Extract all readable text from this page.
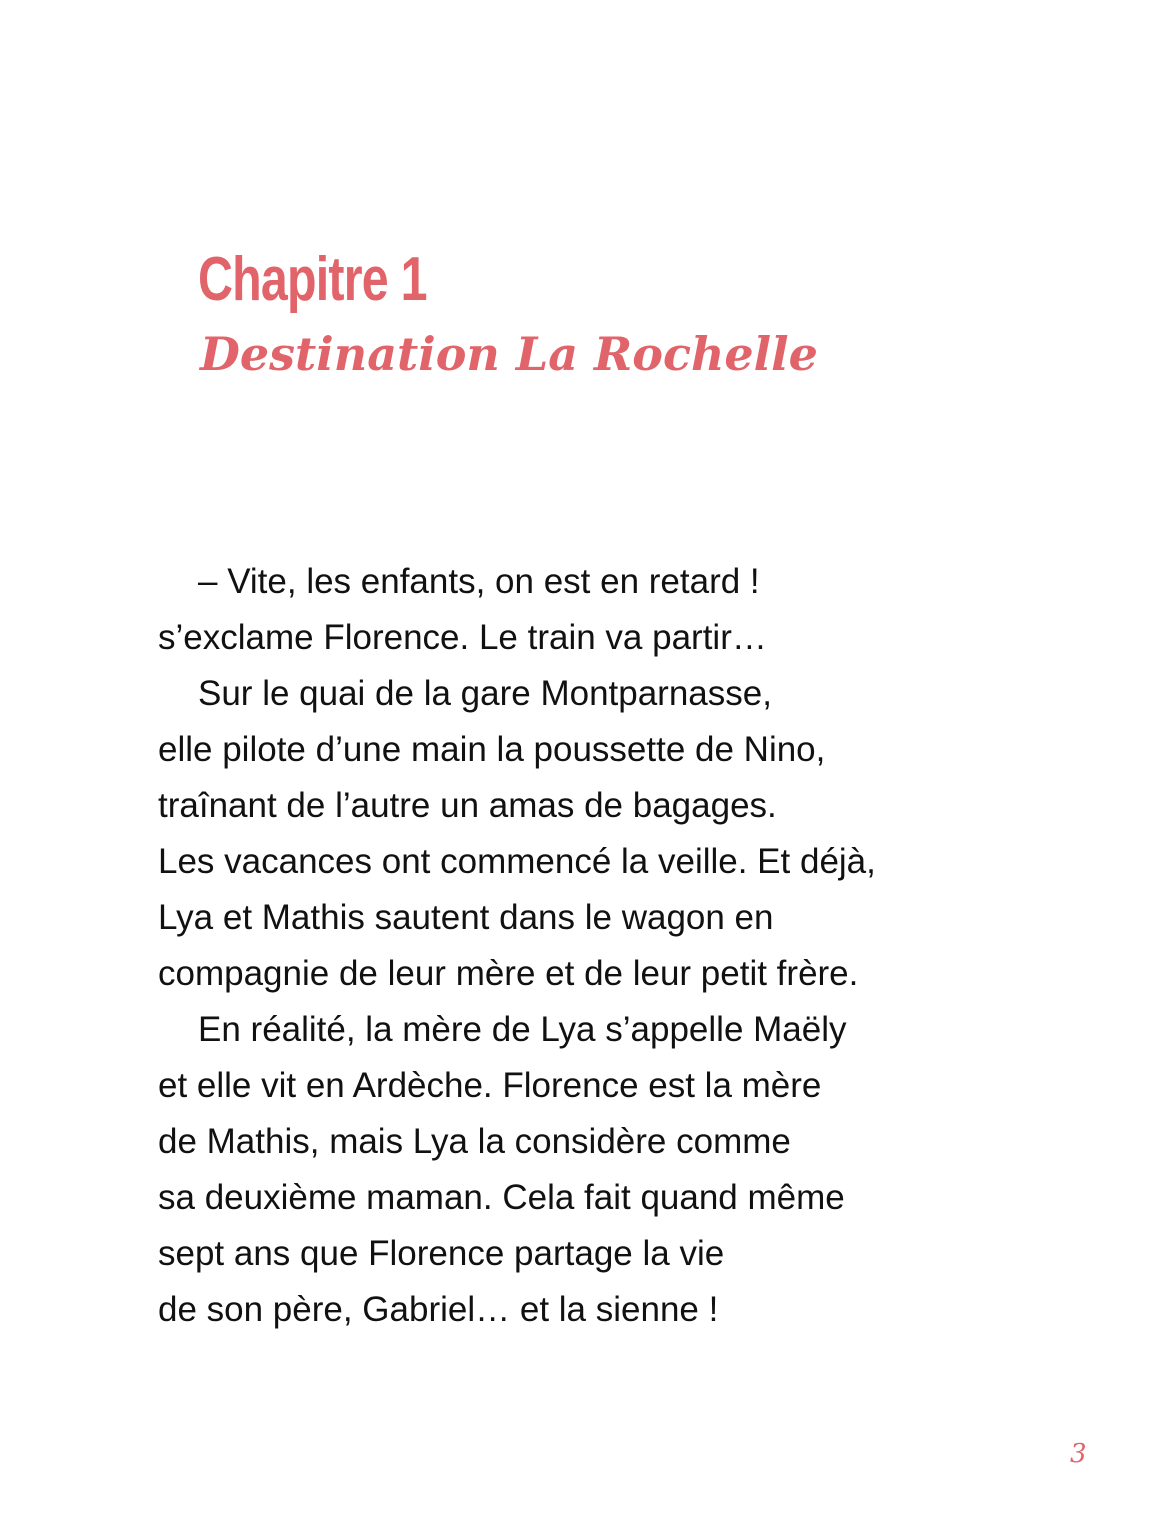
Chapitre 1
Destination La Rochelle
– Vite, les enfants, on est en retard !
s’exclame Florence. Le train va partir…
Sur le quai de la gare Montparnasse,
elle pilote d’une main la poussette de Nino,
traînant de l’autre un amas de bagages.
Les vacances ont commencé la veille. Et déjà,
Lya et Mathis sautent dans le wagon en
compagnie de leur mère et de leur petit frère.
En réalité, la mère de Lya s’appelle Maëly
et elle vit en Ardèche. Florence est la mère
de Mathis, mais Lya la considère comme
sa deuxième maman. Cela fait quand même
sept ans que Florence partage la vie
de son père, Gabriel… et la sienne !
3
